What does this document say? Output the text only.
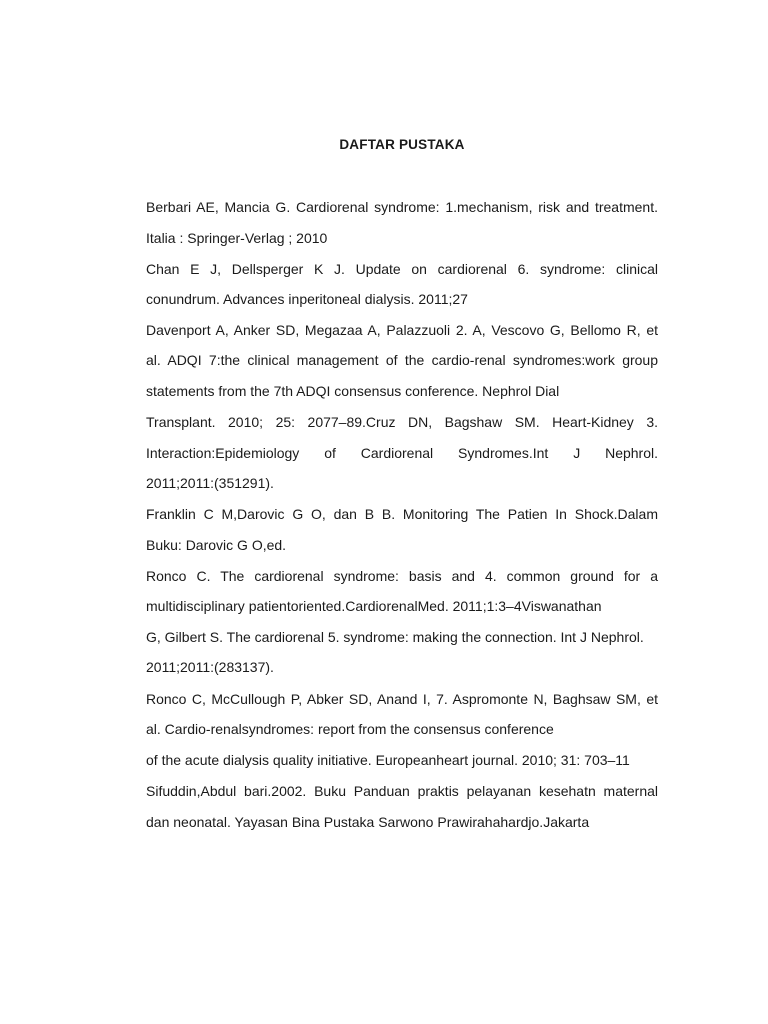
DAFTAR PUSTAKA
Berbari AE, Mancia G. Cardiorenal syndrome: 1.mechanism, risk and treatment.
Italia : Springer-Verlag ; 2010
Chan E J, Dellsperger K J. Update on cardiorenal 6. syndrome: clinical
conundrum. Advances inperitoneal dialysis. 2011;27
Davenport A, Anker SD, Megazaa A, Palazzuoli 2. A, Vescovo G, Bellomo R, et
al. ADQI 7:the clinical management of the cardio-renal syndromes:work group
statements from the 7th ADQI consensus conference. Nephrol Dial
Transplant. 2010; 25: 2077–89.Cruz DN, Bagshaw SM. Heart-Kidney 3.
Interaction:Epidemiology of Cardiorenal Syndromes.Int J Nephrol.
2011;2011:(351291).
Franklin C M,Darovic G O, dan B B. Monitoring The Patien In Shock.Dalam
Buku: Darovic G O,ed.
Ronco C. The cardiorenal syndrome: basis and 4. common ground for a
multidisciplinary patientoriented.CardiorenalMed. 2011;1:3–4Viswanathan
G, Gilbert S. The cardiorenal 5. syndrome: making the connection. Int J Nephrol.
2011;2011:(283137).
Ronco C, McCullough P, Abker SD, Anand I, 7. Aspromonte N, Baghsaw SM, et
al. Cardio-renalsyndromes: report from the consensus conference
of the acute dialysis quality initiative. Europeanheart journal. 2010; 31: 703–11
Sifuddin,Abdul bari.2002. Buku Panduan praktis pelayanan kesehatn maternal
dan neonatal. Yayasan Bina Pustaka Sarwono Prawirahahardjo.Jakarta
